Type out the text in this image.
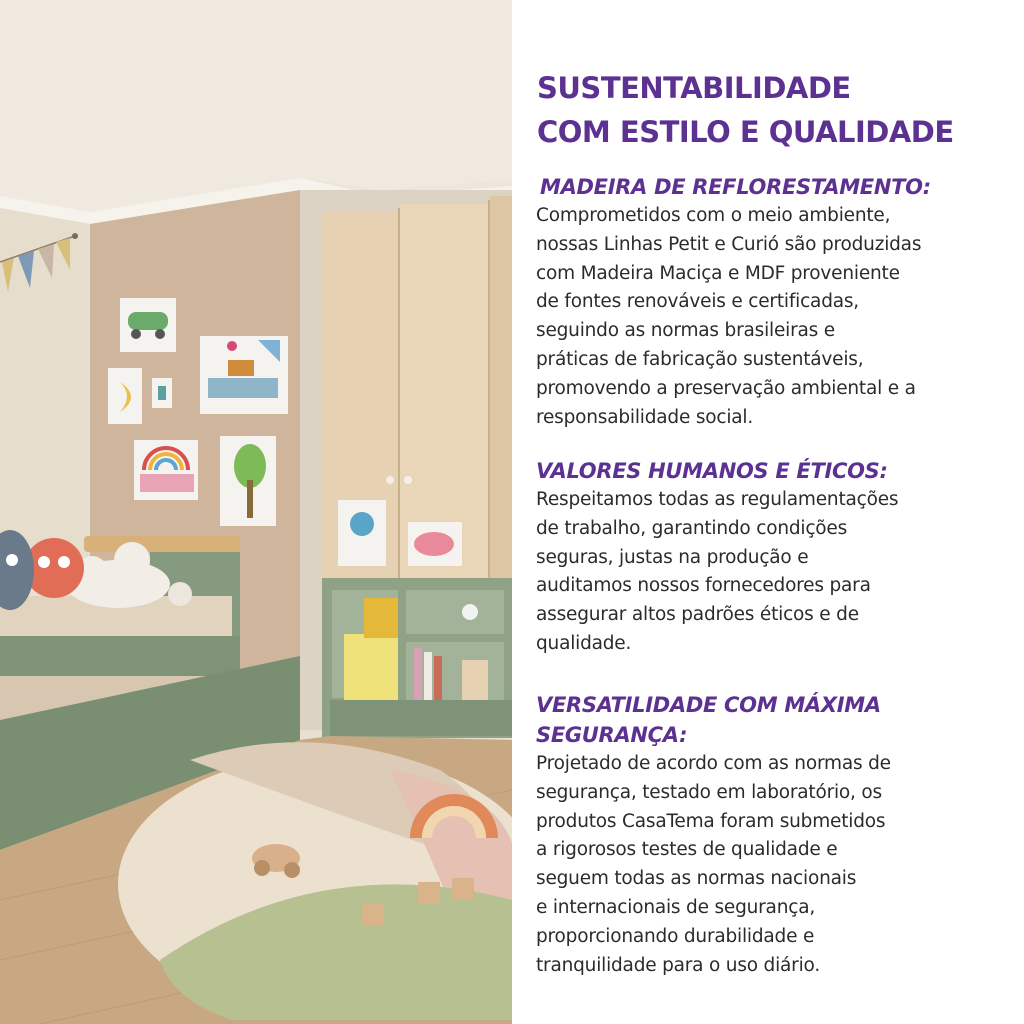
SUSTENTABILIDADE
COM ESTILO E QUALIDADE
MADEIRA DE REFLORESTAMENTO:

Comprometidos com o meio ambiente,
nossas Linhas Petit e Curió são produzidas
com Madeira Maciça e MDF proveniente
de fontes renováveis e certificadas,
seguindo as normas brasileiras e
práticas de fabricação sustentáveis,
promovendo a preservação ambiental e a
responsabilidade social.

VALORES HUMANOS E ÉTICOS:

Respeitamos todas as regulamentações
de trabalho, garantindo condições
seguras, justas na produção e
auditamos nossos fornecedores para
assegurar altos padrões éticos e de
qualidade.

VERSATILIDADE COM MÁXIMA
SEGURANÇA:

Projetado de acordo com as normas de
segurança, testado em laboratório, os
produtos CasaTema foram submetidos
a rigorosos testes de qualidade e
seguem todas as normas nacionais
e internacionais de segurança,
proporcionando durabilidade e
tranquilidade para o uso diário.
